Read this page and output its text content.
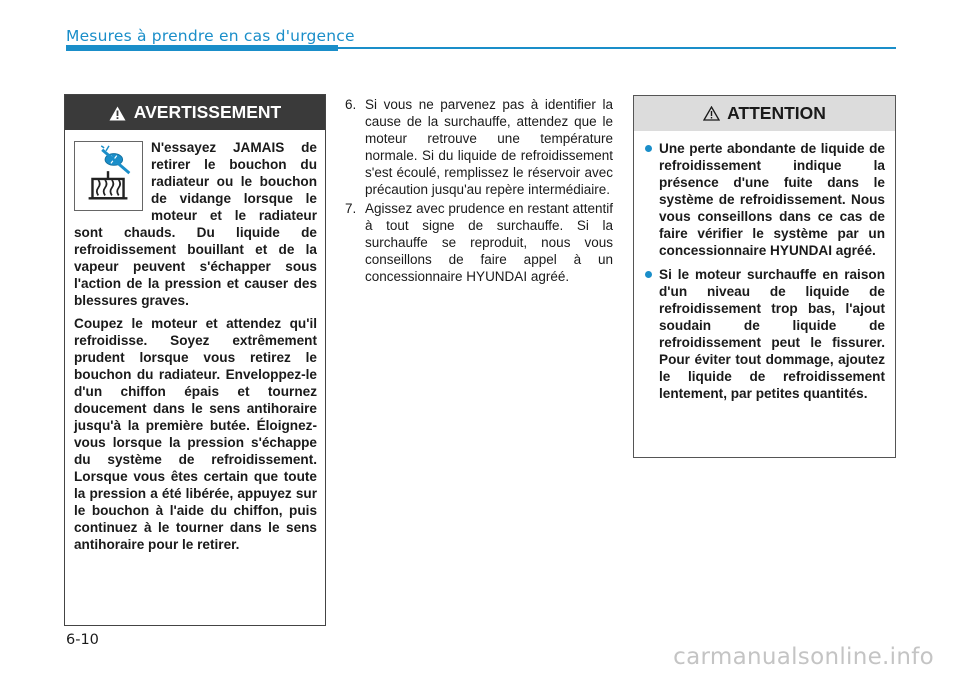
Mesures à prendre en cas d'urgence
AVERTISSEMENT

N'essayez JAMAIS de retirer le bouchon du radiateur ou le bouchon de vidange lorsque le moteur et le radiateur sont chauds. Du liquide de refroidissement bouillant et de la vapeur peuvent s'échapper sous l'action de la pression et causer des blessures graves.

Coupez le moteur et attendez qu'il refroidisse. Soyez extrêmement prudent lorsque vous retirez le bouchon du radiateur. Enveloppez-le d'un chiffon épais et tournez doucement dans le sens antihoraire jusqu'à la première butée. Éloignez-vous lorsque la pression s'échappe du système de refroidissement. Lorsque vous êtes certain que toute la pression a été libérée, appuyez sur le bouchon à l'aide du chiffon, puis continuez à le tourner dans le sens antihoraire pour le retirer.

6. Si vous ne parvenez pas à identifier la cause de la surchauffe, attendez que le moteur retrouve une température normale. Si du liquide de refroidissement s'est écoulé, remplissez le réservoir avec précaution jusqu'au repère intermédiaire.
7. Agissez avec prudence en restant attentif à tout signe de surchauffe. Si la surchauffe se reproduit, nous vous conseillons de faire appel à un concessionnaire HYUNDAI agréé.
ATTENTION
Une perte abondante de liquide de refroidissement indique la présence d'une fuite dans le système de refroidissement. Nous vous conseillons dans ce cas de faire vérifier le système par un concessionnaire HYUNDAI agréé.
Si le moteur surchauffe en raison d'un niveau de liquide de refroidissement trop bas, l'ajout soudain de liquide de refroidissement peut le fissurer. Pour éviter tout dommage, ajoutez le liquide de refroidissement lentement, par petites quantités.
6-10
carmanualsonline.info
